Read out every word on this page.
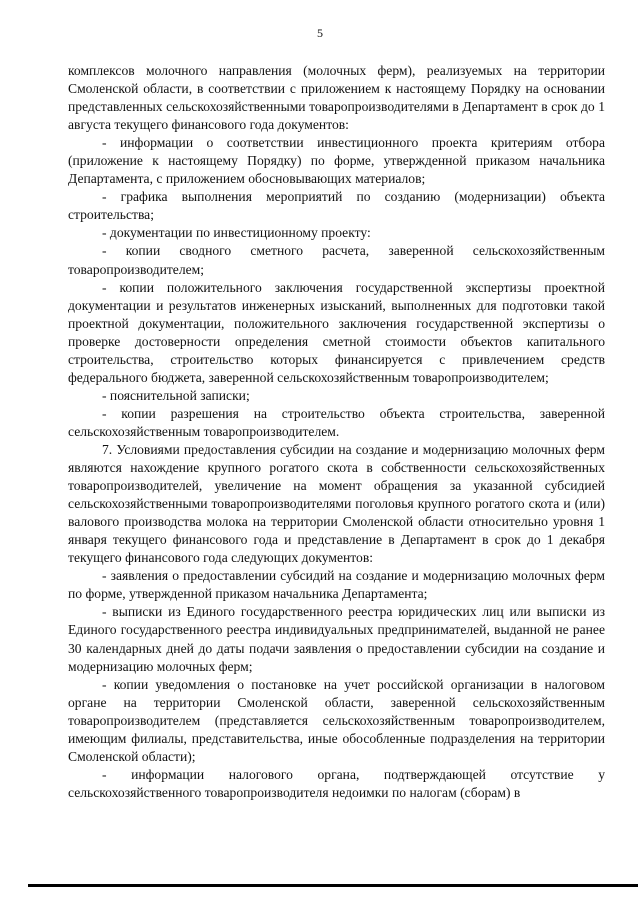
5

комплексов молочного направления (молочных ферм), реализуемых на территории Смоленской области, в соответствии с приложением к настоящему Порядку на основании представленных сельскохозяйственными товаропроизводителями в Департамент в срок до 1 августа текущего финансового года документов:

- информации о соответствии инвестиционного проекта критериям отбора (приложение к настоящему Порядку) по форме, утвержденной приказом начальника Департамента, с приложением обосновывающих материалов;

- графика выполнения мероприятий по созданию (модернизации) объекта строительства;

- документации по инвестиционному проекту:

- копии сводного сметного расчета, заверенной сельскохозяйственным товаропроизводителем;

- копии положительного заключения государственной экспертизы проектной документации и результатов инженерных изысканий, выполненных для подготовки такой проектной документации, положительного заключения государственной экспертизы о проверке достоверности определения сметной стоимости объектов капитального строительства, строительство которых финансируется с привлечением средств федерального бюджета, заверенной сельскохозяйственным товаропроизводителем;

- пояснительной записки;

- копии разрешения на строительство объекта строительства, заверенной сельскохозяйственным товаропроизводителем.

7. Условиями предоставления субсидии на создание и модернизацию молочных ферм являются нахождение крупного рогатого скота в собственности сельскохозяйственных товаропроизводителей, увеличение на момент обращения за указанной субсидией сельскохозяйственными товаропроизводителями поголовья крупного рогатого скота и (или) валового производства молока на территории Смоленской области относительно уровня 1 января текущего финансового года и представление в Департамент в срок до 1 декабря текущего финансового года следующих документов:

- заявления о предоставлении субсидий на создание и модернизацию молочных ферм по форме, утвержденной приказом начальника Департамента;

- выписки из Единого государственного реестра юридических лиц или выписки из Единого государственного реестра индивидуальных предпринимателей, выданной не ранее 30 календарных дней до даты подачи заявления о предоставлении субсидии на создание и модернизацию молочных ферм;

- копии уведомления о постановке на учет российской организации в налоговом органе на территории Смоленской области, заверенной сельскохозяйственным товаропроизводителем (представляется сельскохозяйственным товаропроизводителем, имеющим филиалы, представительства, иные обособленные подразделения на территории Смоленской области);

- информации налогового органа, подтверждающей отсутствие у сельскохозяйственного товаропроизводителя недоимки по налогам (сборам) в
